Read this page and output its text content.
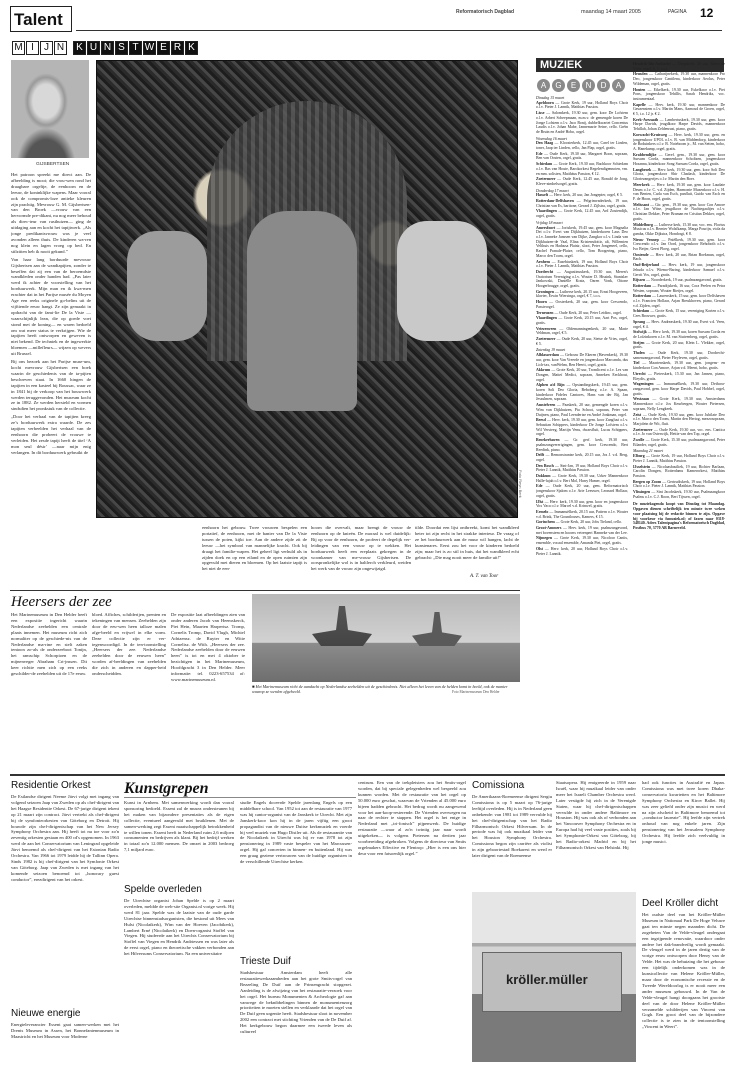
Talent	Reformatorisch Dagblad	maandag 14 maart 2005	PAGINA 12
M I J N K U N S T W E R K
GIJSBERTSEN

Het patroon spreekt me direct aan. De afbeelding is mooi; die vrou-wen rond het draagbare orgeltje, de eenhoorn en de leeuw, de koninklijke wapens. Maar vooral ook de compromis-loze antieke kleuren zijn prachtig. Mevrouw G. M. Gijsbertsen-van den Broek —vrouw van een hervormde pre-dikant, nu nog meer behoud als direc-teur van rusthuizen— ging de uitdaging aan en kocht het tapijtwerk. „Als jonge predikantsvrouw was je veel avonden alleen thuis. De kinderen wa-ren nog klein en lagen vroeg op bed. En stilzitten heb ik nooit gekund.”

Van haar lang borduurde mevrouw Gijsbertsen aan de wandtapijten, zonder te beseffen dat zij een van de beroemdste wandkleden onder handen had. „Pas later werd ik achter de voorstelling van het borduurwerk. Mijn man en ik kwa-men erachter dat in het Parijse musée du Moyen Age een reeks originele go-belins uit de vijftiende eeuw hangt. Ze zijn gemaakt in opdracht van de fami-lie De la Viste —waarschijnlijk lean, die op goede voet stond met de koning— en waren bedoeld om wat meer status te verkrijgen. Wie de tapijten heeft ontworpen en geweven is niet bekend. De techniek en de ingewerkte bloemen —millefleurs— wijzen op wevers uit Brussel.

Bij ons bezoek aan het Parijse muse-um, kocht mevrouw Gijsbertsen een boek waarin de geschiedenis van de ta-pijten beschreven staat. In 1660 hingen de tapijten in een kasteel bij Boussac, waar ze in 1841 bij de verkoop van het bouwwerk werden teruggevonden. Het museum kocht ze in 1882. Ze werden hersteld en vormen sindsdien het pronkstuk van de collectie.

„Door het verhaal van de tapijten kreeg ze’s borduurwerk extra waarde. De zes tapijten verbeelden het verhaal van de eenhoorn die probeert de vrouwe te verleiden. Het zesde tapijt heeft de titel ‘A mon seul désir’ —naar mijn enig verlangen. In dit borduurwerk gebruikt de

Foto Reyn Berk
eenhoorn het gebouw. Twee vrouwen bespelen een portatief, de eenhoorn, met de banier van De la Viste tussen de poten, kijkt toe. Aan de andere zijde zit de leeuw —het symbool van mannelijke kracht. Ook bij draagt het familie-wapen. Het geheel ligt verhuld als in zijden doek en op een eiland en de open ruimten zijn opgevuld met dieren en bloemen. Op het laatste tapijt is het niet de een-
hoorn die overvalt, maar brengt de vrouw de eenhoorn op de knieën. De moraal is wel duidelijk: Bij op voor de eenhoorn, de profeert de degelijk ver-leidingen van een vrouw op te wekken. Het borduurwerk heeft een ereplaats gekregen in de woonkamer van me-vrouw Gijsbertsen. De oorspronkelijke wol is in haltlerch verkleurd, weiden het werk van de vrouw zijn ongewijzigd.
tilde. Doordat een lijst ontbreekt, komt het wandkleed beter tot zijn recht in het strakke interieur. De vraag of ze het borduurwerk aan de muur wil hangen, lacht de kunstenares. Eerst zou het voor de kinderen bedoeld zijn; maar het is zo stil in huis, dat het wandkleed echt gebracht: „Die mag nooit meer de familie uit!”
A. T. van Toor
Heersers der zee
Het Marinemuseum in Den Helder heeft een expositie ingericht waarin Nederlandse zeehelden een centrale plaats innemen. Het museum richt zich normaliter op de geschiede-nis van de Nederlandse ma-rine en stelt zaken tentoon zo-als de onderzeeboot Tonijn, het ramschip Schorpioen en de mijnenveger Abraham Cri-jnssen. Dit keer richtte men zich op een reeks geschilder-de zeehelden uit de 17e eeuw.
bloed. Affiches, schilderijen, prenten en tekeningen van mensen. Zeehelden zijn door de eeu-wen heen talloze malen afge-beeld en vrijwel in elke vorm. Deze collectie zijn er ver-tegenwoordigd. In de ten-toonstelling „Heersers der zee. Nederlandse zeehelden door de eeuwen heen” worden af-beeldingen van zeehelden die zich in anderen en dapper-heid onderscheidden.
De expositie laat afbeeldingen zien van onder anderen Jacob van Heemskerck, Piet Hein, Maarten Harpertsz. Tromp, Cornelis Tromp, David Vlugh, Michiel Adriaensz. de Ruyter en Witte Cornelisz. de With. „Heersers der zee. Nederlandse zeehelden door de eeuwen heen” is tot en met 4 oktober te bezichtigen in het Marinemuseum, Hoofdgracht 3 in Den Helder. Meer informatie: tel. 0223-657534 of: www.marinemuseum.nl.
■ Het Marinemuseum richt de aandacht op Nederlandse zeehelden uit de geschiedenis. Niet alleen het leven van de helden komt in beeld, ook de manier waarop ze werden afgebeeld.	Foto Marinemuseum Den Helder
MUZIEK
A G E N D A
Dinsdag 15 maart
Apeldoorn — Grote Kerk, 19 uur, Holland Boys Choir o.l.v. Pieter J. Lannik, Matthias Passion.
Lisse — Salomkerk, 19.30 uur, gem. koor De Lofstem o.l.v. Arbert Scheepmaan, m.m.v. de gemengde koren De Jonge Lofstem o.l.v. Jaco Bonij, dubbelkwartet Concentus Laudis o.l.v. Johan Mabe, Jannemarie Seine, cello. Grétn de Bruin en André Hobo, orgel.
Woensdag 16 maart
Den Haag — Kloosterkerk, 12.45 uur, Carel ter Linden, toner, Jaap ter Linden, cello, Jan Flap, orgel, gratis.
Ede — Oude Kerk, 19.30 uur, Margaret Boon, sopraan, Ben van Oosten, orgel, gratis.
Schiedam — Grote Kerk, 19.30 uur, Bachkoor Schiedam o.l.v. Bas van Houte, Barokorkest Regelendigennoten, vm. en mm. solisten, Matthäus Passion, € 12.
Zoetermeer — Oude Kerk, 12.45 uur, Ronald de Jong, Kleve-zimbelsorgel, gratis.
Donderdag 17 maart
Hasselt — Herv. kerk, 20 uur, Jan Jongepier, orgel, € 5.
Rotterdam-Delfshaven — Pelgrimvaderkerk, 19 uur, Christian van Es, baritone, Gerard J. Zijlstra, orgel, gratis.
Vlaardingen — Grote Kerk, 12.45 uur, Ard Zoutendijk, orgel, gratis.
Vrijdag 18 maart
Amersfoort — Joriskerk, 19.45 uur, gem. koor Magnalia Dei o.l.v. Evert van Dijkhuizen, kinderkoren Laus Deo o.l.v. Janneke Janssen van Dijke, Zangkor o.l.v. Linda van Dijkhuizen-de Vaal, Elina Kristensdottir, alt, Willemien Velthuis en Hadassa Plaisir, sloot, Peter Jongeneel, cello, Rachel Pranale-Plaize, cello, Tom Boogering, piano, Marco den Toom, orgel.
Arnhem — Eusebiuskerk, 19 uur, Holland Boys Choir o.l.v. Pieter J. Lannik, Matthias Passion.
Dordrecht — Augustinuskerk, 19.30 uur, Meren's Oratorium Vereniging o.l.v. Wouter D. Hissink, Stanislav Jankowski, Daniëlle Kratz, Oaren Vonk, Ottone Hoogerbrugge, orgel, gratis.
Groningen — Lutherse kerk, 20.15 uur, Ernst Hoogeveen, klavier, Erwin Wiersinga, orgel, € 7, t.o.s.
Hoorn — Oosterkerk, 20 uur, gem. koor Crescendo, Passieorgel.
Terneuzen — Oude Kerk, 20 uur, Peter Leidinc, orgel.
Vlaardingen — Grote Kerk, 20.15 uur, Aart Pos, orgel, gratis.
Vriezenveen — Oldemanningenkerk, 20 uur, Marie Veldman, orgel, € 5.
Zoetermeer — Oude Kerk, 20 uur, Sietse de Vries, orgel, € 5.
Zaterdag 19 maart
Alblasserdam — Gebouw De Ekeren (Havenkerk), 19.30 uur, gem. koor Van Vreerde en jongenskoor Marcanda, dus Lich-tax, vanWehm, Ben Heertt, orgel, gratis.
Akkrum — Grote Kerk, 20 uur, Tromlicent o.l.v. Les van Dongen, Matteï Medici, sopraan, Anneken Eeckhout, orgel.
Alphen a/d Rijn — Opstandingskerk, 19.45 uur, gem. koren Soli Deo Gloria, Beboberg o.l.v. A. Spaan, kinderkoor Fideles Cantores, Hans van der Bij, Jan Jessulmen, sopraan.
Amstelveen — Paaskerk, 20 uur, gemengde koren o.l.v. Wim van Dijkhuizen, Pia Schoot, sopraan, Peter van Duijnen, piano, Paul Leendertse en André Jonkman, orgel.
Beesd — Herv. kerk, 19.30 uur, gem. koor Zanglust o.l.v. Sebastian Schippers, kinderkoor De Jonge Lofstem o.l.v. Wil Versteeg, Martijn Venu, dwarsfluit, Lucas Schippers, orgel.
Broekerhaven — Gr. gerf. kerk, 19.30 uur, psalmzangvererigingen, gem. koor Crescendo, Bert Reedink, piano.
Delft — Remonstrantse kerk, 20.15 uur, Jos J. v.d. Berg, orgel.
Den Bosch — Sint-Jan, 19 uur, Holland Boys Choir o.l.v. Pieter J. Lannik, Matthias Passion.
Dokkum — Grote Kerk, 19.30 uur, Urker Mannenkoor Halle-lujah o.l.v. Bert Mol, Harry Hamer, orgel.
Ede — Oude Kerk, 20 uur, gem. Reformatorisch jongenskoor Sjalom o.l.v. Arie Leeuwer, Leonard Hollaar, orgel, gratis.
IJlst — Herv. kerk, 19.30 uur, gem. koor en jongenskoor Vox Vaca o.l.v. Marcel v.d. Krinwel, gratis.
Ermelo — Immanuëlkerk, 20.15 uur, Pattern o.l.v. Wouter v.d. Brink, The Gountlouses, Kamers, € 15.
Gorinchem — Grote Kerk, 20 uur, Jobs Tieland, cello.
Groot-Ammers — Herv. kerk, 19 uur, psalmzangavond, met bovenstem en hoorns vetrenpert Hanneke van der Lee.
Nijmegen — Grote Kerk, 19.30 uur, Nicoloor Cantis, ensemble, vocaal ensemble, Amanda Piet, orgel, gratis.
Olst — Herv. kerk, 20 uur, Holland Boys Choir o.l.v. Pieter J. Lannik.
Hendrik-Ido-Ambacht — Dorpskerk, 20 uur, Sietse de Vries, orgel, €, 5, t.o.s.
Heusden — Catharijnekerk, 19.30 uur, mannenkoor Pro Deo, jongenskoor Cantilena, kinderkoor Aeolus, Peter Wildeman, orgel, gratis.
Houten — Eikelkerk, 19.30 uur, Eskelkoor o.l.v. Piet Pons, jongenskoor Tehillis, Sarah Hendriks, voc. instrumentaal.
Kapelle — Herv. kerk, 19.30 uur, mannenkoor De Geuzenstem o.l.v. Martin Mans, Aarnoud de Groen, orgel, € 5, t.o. 12 jr. € 2.
Kerk-Avezaath — Lambertuskerk, 19.30 uur, gem. koor Harpe Davids, jeugdkoor Harpe Davids, mannenkoor Tehillah, Johan Zeldenrust, piano, gratis.
Koewacht-Kruisweg — Herv. kerk, 19.30 uur, gem. en jongenskoor UPOL o.l.v. B. van Middendorp, kinderkoor de Boduinkers o.l.v. B. Noteboom jr., M. van Setten, hobo, A. Hanekamp, orgel, gratis.
Krabbendijke — Geref. gem., 19.30 uur, gem. koor Sursum Corda, mannenkoor Scholtzen, jongenskoor Hosanna, kinderkoor Song Sursum Corda, orgel, gratis.
Langbroek — Herv. kerk, 19.30 uur, gem. koor Soli Deo Gloria, jongenskoor Shir Chadash, kinderkoor De Gloriezangertjes o.l.v. Martin den Boer.
Meerkerk — Herv. kerk, 19.30 uur, gem. koor Laudate Deum o.l.v. C. v.d. Zijden, Harmonie Muzenkoor o.l.v. H. van Benten, Carla van Esch, panfluit, Guido van Esch en F. de Hoon, orgel, gratis.
Melissant — Gtr. gem., 19.30 uur, gem. koor Con Amore o.l.v. Jan Witse, jeugdkoor de Nachtegaaltjes o.l.v. Christian Dekker, Peter Braman en Cristian Dekker, orgel, gratis.
Middelburg — Lutherse kerk, 15.30 uur, voc. ens. Flortus Musicus o.l.v. Bernier Wolsfkamp, Marga Pourijn, viola da gamba, Okke Dijkstra, Hondorgi, € 8.
Nieuw Vennep — Pniëlkerk, 19.30 uur, gem. koor Crescendo o.l.v. Jan Oord, jongenskoor Rehoboth o.l.v. Ivo Beijer, Geert Ploeg, orgel.
Oostende — Herv. kerk, 20 uur, Brian Boekman, orgel, Bach.
Oud-Beijerland — Herv. kerk, 19 uur, jongenskoor Jehuda o.l.v. Wiemo-Baring, kinderkoor Samuel o.l.v. Gerrit Vos, orgel, gratis.
Rijssen — Noorderkerk, 19 uur, psalmzangavond, gratis.
Rotterdam — Paradijskerk, 16 uur, Cora Peelen en Petra Westen, sopraan, Wouter Rietjes, orgel.
Rotterdam — Laurenskerk, 15 uur, gem. koor Delfshaven o.l.v. Francien Hollaar, Arjan Breukhoven, piano, Gerard v.d. Zijden, orgel.
Schiedam — Grote Kerk, 15 uur, vereniging Korten o.l.v. Cees Brouwer, gratis.
Sprang — Herv. Andreaskerk, 19.30 uur, Evert v.d. Veen, orgel, € 4.
Stolwijk — Herv. kerk, 19.30 uur, koren Sursum Corda en de Lofzinkoren o.l.v. M. van Stuivenberg, orgel, gratis.
Strijen — Grote Kerk, 20 uur, Klein L. Vlekker, orgel, gratis.
Tholen — Oude Kerk, 19.30 uur, Dordrecht-samenzangavond, Pieter Fleyleven, orgel, gratis.
Tiel — Maartenskerk, 19.30 uur, gem. jongens- en kinderkoor Con Amore, Arjan v.d. Meent, hobo, gratis.
Utrecht — Pieterskerk, 15.30 uur, Jan Jansen, piano, Eleydis, gratis.
Wageningen — Immanuëlkerk, 19.30 uur, Dethora-zangavond, gem. koor Harpe Davids, Paul Hobbel, orgel, gratis.
Westzaan — Grote Kerk, 19.30 uur, Amsterdams Mannenkoor o.l.v. Jos Keurbergen, Wouter Pietersen, sopraan, Nelly Lengkeek.
Zeist — Oude Kerk, 19.30 uur, gem. koor Jubilate Deo o.l.v. Marco den Toom, Martin den Hertog, mezzosopraan, Marjolein de Wit, fluit.
Zoetermeer — Oude Kerk, 19.30 uur, voc. ens. Cantica o.l.v. Jo van Osterwijk, Hettie van den Top, orgel.
Zwolle — Grote Kerk, 15.30 uur, psalmzangavond, Peter Eilander, orgel, gratis.
Maandag 21 maart
Elburg — Grote Kerk, 19 uur, Holland Boys Choir o.l.v. Pieter J. Lannik, Matthias Passion.
IJsselstein — Nicolaasbasiliek, 19 uur, Richter Barlaan, Carolin Dongen, Rotterdams Kamerorkest, Matthias Passion.
Bergen op Zoom — Gertrudiskerk, 19 uur, Holland Boys Choir o.l.v. Pieter J. Lannik, Matthias Passion.
Vlissingen — Sint Jacobskerk, 19.30 uur, Psalmzangkoor Psalms o.l.v. C.J. Roon, Bert Tijssen, orgel.
De muziekagenda koopt van Dinsdag tot Maandag. Opgaven dienen schriftelijk ten minste twee weken voor plaatsing bij de redactie binnen te zijn. Opgave bij voorkeur via fsmuziek.nl; of faxen naar 0318-548140. Adres Talentpagina's Reformatorisch Dagblad, Postbus 70, 3770 AB Barneveld.
Residentie Orkest
De Estlandse dirigent Neeme Järvi volgt met ingang van volgend seizoen Jaap van Zweden op als chef-dirigent van het Haagse Residentie Orkest. De 67-jarige dirigent tekent op 21 maart zijn contract. Järvi vertrekt als chef-dirigent bij de symfonieorkesten van Göteborg en Detroit. Hij bouwde zijn chef-dirigentschap van het New Jersey Symphony Orchestra aan. Hij heeft tot nu toe voor zo'n zeventig orkesten gestaan en 400 cd's opgenomen. In 1963 werd de aan het Conservatorium van Leningrad opgeleide Järvi benoemd als chef-dirigent van het Estonian Radio Orchestra. Van 1966 tot 1979 leidde hij de Tallinn Opera. Sinds 1982 is hij chef-dirigent van het Symfonie Orkest van Göteborg. Jaap van Zweden is met ingang van het komende seizoen benoemd tot „honorary guest conductor”, erezdirigent van het orkest.
Nieuwe energie
Energieleverancier Essent gaat samen-werken met het Drents Museum in Assen, het Bonnefantenmuseum in Maastricht en het Museum voor Moderne
Kunstgrepen
Kunst in Arnhem. Met samenwerking wordt dan vooral sponsoring bedoeld. Essent zal de musea ondersteunen bij het maken van bijzondere presentaties als de eigen collectie, eventueel aangevuld met bruiklenen. Met de samen-werking zegt Essent maatschappelijk betrokkenheid te willen tonen. Essent heeft in Nederland ruim 2,6 miljoen consumenten en bedrijven als klant. Bij het bedrijf werken in totaal zo'n 12.000 mensen. De omzet in 2003 bedroeg 7,1 miljard euro.
Spelde overleden
De Utrechtse organist Johan Spelde is op 2 maart overleden, meldde de web-site Organist.nl vorige week. Hij werd 81 jaar. Spelde was de laatste van de oude garde Utrechtse binnenstadsorganisten, die bestond uit Mees van Hulst (Nicolaikerk), Wim van der Hoeven (Jacobikerk), Lambert Erné (Nicolaikerk) en Doen-organist Stoffel van Viegen. Hij studeerde aan het Utrechts Conservatorium bij Stoffel van Viegen en Hendrik Andriessen en was later als de eerst orgel, piano en theoretische vakken verbonden aan het Hilversums Conservatorium. Na een universitaire
studie Engels doceerde Spelde jarenlang Engels op een middelbare school. Van 1952 tot aan de restauratie van 1977 was hij cantor-organist van de Janskerk te Utrecht. Met zijn Janskerk-koor kon hij in de jaren vijftig een groot propagandist van de nieuwe Duitse kerkmuziek en voerde hij veel muziek van Hugo Distler uit. Als de restaurantie van de Nicolaikerk in Utrecht was hij er van 1978 tot zijn pensionering in 1989 vaste bespeler van het Marcussen-orgel. Hij gaf concerten in binnen- en buitenland. Hij was een graag geziene vertrouwen van de huidige organisten in de verschillende Utrechtse kerken.
Trieste Duif
Stadsbestuur Amsterdam heeft alle restauratiewerkzaamheden aan het grote Smits-orgel van Bezzeling De Duif aan de Prinsengracht stopgezet. Aanleiding is de afwijzing van het restauratie-verzoek voor het orgel. Het bureau Monumenten & Archeologie gaf aan vanwege de beknibbelingen binnen de monumentenzorg prioriteiten te moeten stellen en verklaarde dat het orgel van De Duif geen urgentie heeft. Stadsbestuur sloot in november 2002 een contract met stichting Vrienden van de De Duif af. Het kerkgebouw begon daarmee een tweede leven als cultureel
centrum. Een van de trekpleisters zou het Smits-orgel worden, dat bij speciale gelegenheden wel bespeeld zou kunnen worden. Met de restauratie van het orgel op 50.000 euro geschat, waarvan de Vrienden al 45.000 euro bijeen hadden gebracht. Het bedrag wordt nu aangewend voor het aan-koop-resterende. De Vrienden overwegen nu naar de rechter te stappen. Het orgel is het enige in Nederland met „tri-fonisch” pijpenwerk. De huidige restauratie —waar al zo'n twintig jaar naar wordt uitgekeken— is volgens Pietersen na dertien jaar voorbereiding afgebroken. Volgens de directeur van Smits orgelmakers Effective en Flentrop: „Hier is een ons hier deur voor een fatsoenlijk orgel.”
Comissiona
De Amerikaans-Roemeense dirigent Sergiu Comissiona is op 5 maart op 76-jarige leeftijd overleden. Hij is in Nederland geen onbekende: van 1981 tot 1989 vervulde hij het chef-dirigentschap van het Radio Filharmonisch Orkest Hilversum. In de periode was hij ook muzikaal leider van het Houston Symphony Orchestra. Comissiona begon zijn carrière als violist in zijn geboortestad Boekarest en werd er later dirigent van de Roemeense
Staatsopera. Hij emigreerde in 1959 naar Israël, waar hij muzikaal leider van onder meer het Israeli Chamber Orchestra werd. Later vestigde hij zich in de Verenigde Staten, waar hij chef-dirigentschappen vervulde in onder andere Baltimore en Houston. Hij was ook als of verbonden aan het Vancouver Symphony Orchestra en in Europa had hij veel vaste posities, zoals bij het Symphonie-Orkest van Göteborg, bij het Radio-orkest Madrid en bij het Filharmonisch Orkest van Helsinki. Hij
had ook functies in Australië en Japan. Comissiona was met twee koren Dhaka-conservatoria kwartetten en het Baltimore Symphony Orchestra en Kirov Ballet. Hij was zeer geliefd onder zijn musici en werd na zijn afscheid in Baltimore benoemd tot „conductor laureate”. Hij leefde zijn vertrek onhoud van nog enkele jaren. Zijn pensionering van het Jerusalem Symphony Orchestra. Hij leefde zich veelvuldig in jonge musici.
kröller.müller
Deel Kröller dicht
Het oudste deel van het Kröller-Müller Museum in Nationaal Park De Hoge Veluwe gaat ten minste negen maanden dicht. De zogeheten Van de Velde-vleugel ondergaat een ingrijpende renovatie, waardoor onder andere het dak-brandveilig wordt gemaakt. De vleugel werd in de jaren dertig van de vorige eeuw ontworpen door Henry van de Velde. Het was de behuizing die het gebouw een tijdelijk onderkomen was in de kunstcollectie van Helene Kröller-Müller, maar door de economische recessie en de Tweede Wereldoorlog is er nooit meer een ander museum gebouwd. In de Van de Velde-vleugel hangt doorgaans het grootste deel van de door Helene Kröller-Müller verzamelde schilderijen van Vincent van Gogh. Een groot deel van de bijzondere collectie is te zien in de tentoonstelling „Vincent in Weert”.
